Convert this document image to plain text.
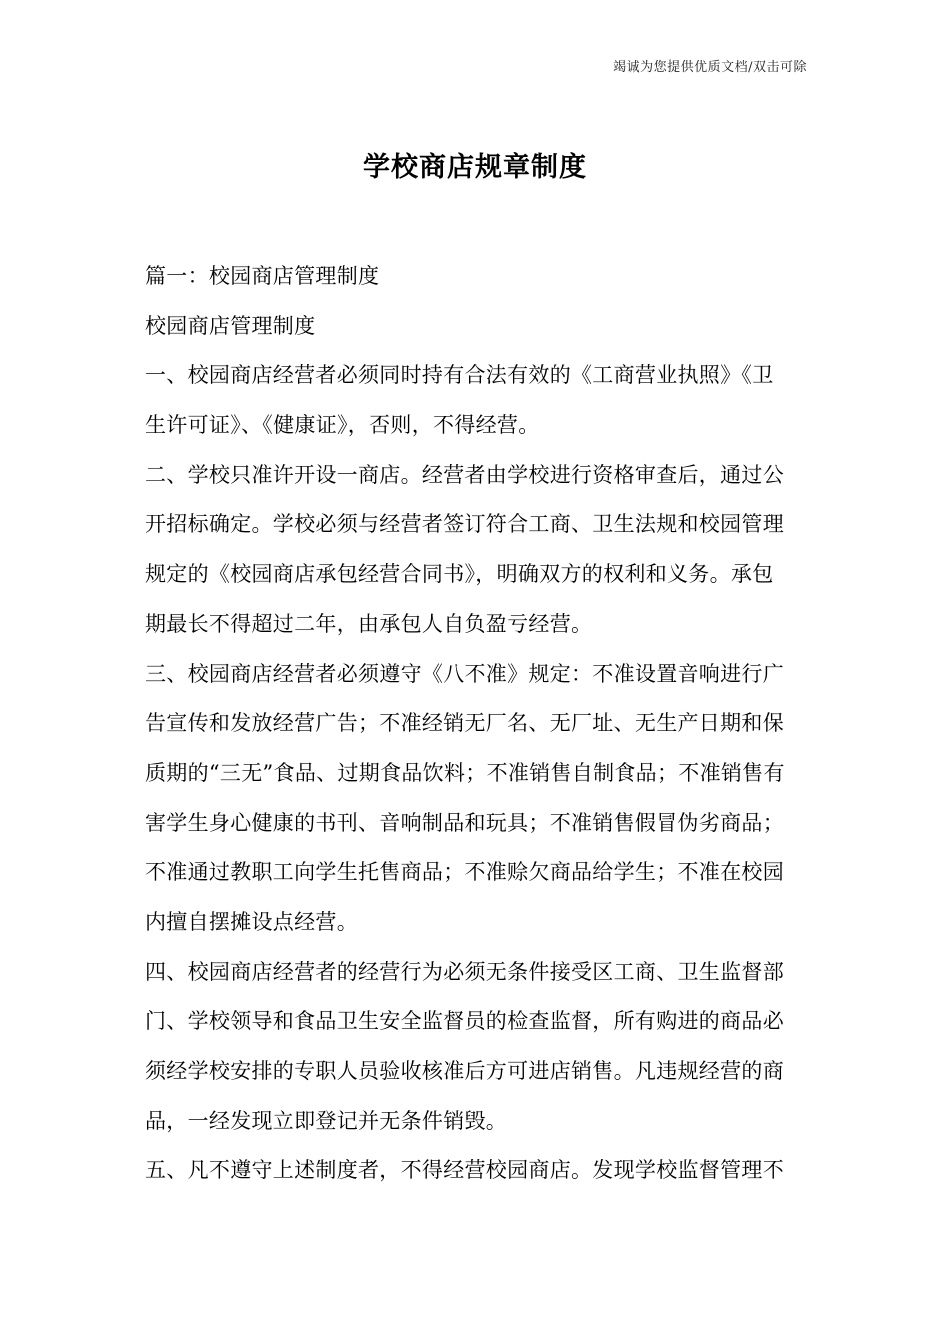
竭诚为您提供优质文档/双击可除
学校商店规章制度
篇一：校园商店管理制度
校园商店管理制度
一、校园商店经营者必须同时持有合法有效的《工商营业执照》《卫
生许可证》、《健康证》，否则，不得经营。
二、学校只准许开设一商店。经营者由学校进行资格审查后，通过公
开招标确定。学校必须与经营者签订符合工商、卫生法规和校园管理
规定的《校园商店承包经营合同书》，明确双方的权利和义务。承包
期最长不得超过二年，由承包人自负盈亏经营。
三、校园商店经营者必须遵守《八不准》规定：不准设置音响进行广
告宣传和发放经营广告；不准经销无厂名、无厂址、无生产日期和保
质期的“三无”食品、过期食品饮料；不准销售自制食品；不准销售有
害学生身心健康的书刊、音响制品和玩具；不准销售假冒伪劣商品；
不准通过教职工向学生托售商品；不准赊欠商品给学生；不准在校园
内擅自摆摊设点经营。
四、校园商店经营者的经营行为必须无条件接受区工商、卫生监督部
门、学校领导和食品卫生安全监督员的检查监督，所有购进的商品必
须经学校安排的专职人员验收核准后方可进店销售。凡违规经营的商
品，一经发现立即登记并无条件销毁。
五、凡不遵守上述制度者，不得经营校园商店。发现学校监督管理不
